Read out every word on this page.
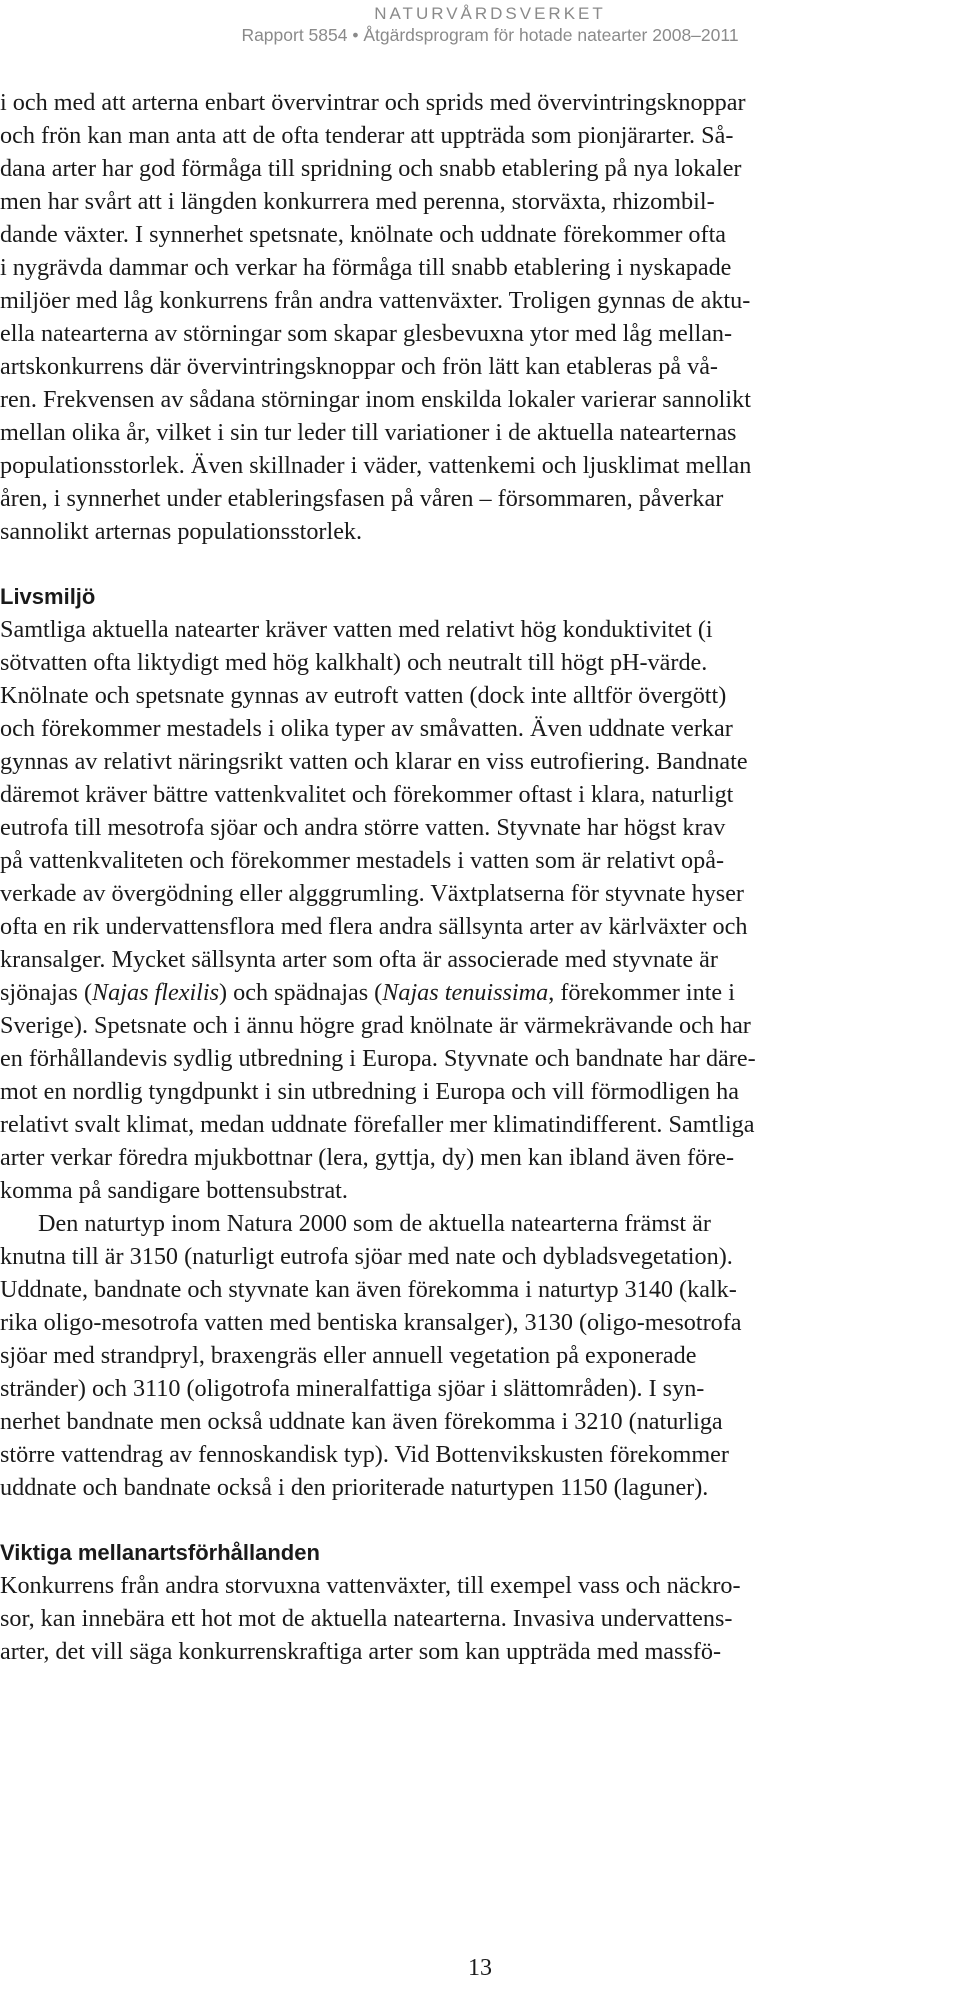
NATURVÅRDSVERKET
Rapport 5854 • Åtgärdsprogram för hotade natearter 2008–2011
i och med att arterna enbart övervintrar och sprids med övervintringsknoppar
och frön kan man anta att de ofta tenderar att uppträda som pionjärarter. Så-
dana arter har god förmåga till spridning och snabb etablering på nya lokaler
men har svårt att i längden konkurrera med perenna, storväxta, rhizombil-
dande växter. I synnerhet spetsnate, knölnate och uddnate förekommer ofta
i nygrävda dammar och verkar ha förmåga till snabb etablering i nyskapade
miljöer med låg konkurrens från andra vattenväxter. Troligen gynnas de aktu-
ella natearterna av störningar som skapar glesbevuxna ytor med låg mellan-
artskonkurrens där övervintringsknoppar och frön lätt kan etableras på vå-
ren. Frekvensen av sådana störningar inom enskilda lokaler varierar sannolikt
mellan olika år, vilket i sin tur leder till variationer i de aktuella natearternas
populationsstorlek. Även skillnader i väder, vattenkemi och ljusklimat mellan
åren, i synnerhet under etableringsfasen på våren – försommaren, påverkar
sannolikt arternas populationsstorlek.
Livsmiljö
Samtliga aktuella natearter kräver vatten med relativt hög konduktivitet (i
sötvatten ofta liktydigt med hög kalkhalt) och neutralt till högt pH-värde.
Knölnate och spetsnate gynnas av eutroft vatten (dock inte alltför övergött)
och förekommer mestadels i olika typer av småvatten. Även uddnate verkar
gynnas av relativt näringsrikt vatten och klarar en viss eutrofiering. Bandnate
däremot kräver bättre vattenkvalitet och förekommer oftast i klara, naturligt
eutrofa till mesotrofa sjöar och andra större vatten. Styvnate har högst krav
på vattenkvaliteten och förekommer mestadels i vatten som är relativt opå-
verkade av övergödning eller algggrumling. Växtplatserna för styvnate hyser
ofta en rik undervattensflora med flera andra sällsynta arter av kärlväxter och
kransalger. Mycket sällsynta arter som ofta är associerade med styvnate är
sjönajas (Najas flexilis) och spädnajas (Najas tenuissima, förekommer inte i
Sverige). Spetsnate och i ännu högre grad knölnate är värmekrävande och har
en förhållandevis sydlig utbredning i Europa. Styvnate och bandnate har däre-
mot en nordlig tyngdpunkt i sin utbredning i Europa och vill förmodligen ha
relativt svalt klimat, medan uddnate förefaller mer klimatindifferent. Samtliga
arter verkar föredra mjukbottnar (lera, gyttja, dy) men kan ibland även före-
komma på sandigare bottensubstrat.
Den naturtyp inom Natura 2000 som de aktuella natearterna främst är
knutna till är 3150 (naturligt eutrofa sjöar med nate och dybladsvegetation).
Uddnate, bandnate och styvnate kan även förekomma i naturtyp 3140 (kalk-
rika oligo-mesotrofa vatten med bentiska kransalger), 3130 (oligo-mesotrofa
sjöar med strandpryl, braxengräs eller annuell vegetation på exponerade
stränder) och 3110 (oligotrofa mineralfattiga sjöar i slättområden). I syn-
nerhet bandnate men också uddnate kan även förekomma i 3210 (naturliga
större vattendrag av fennoskandisk typ). Vid Bottenvikskusten förekommer
uddnate och bandnate också i den prioriterade naturtypen 1150 (laguner).
Viktiga mellanartsförhållanden
Konkurrens från andra storvuxna vattenväxter, till exempel vass och näckro-
sor, kan innebära ett hot mot de aktuella natearterna. Invasiva undervattens-
arter, det vill säga konkurrenskraftiga arter som kan uppträda med massfö-
13
